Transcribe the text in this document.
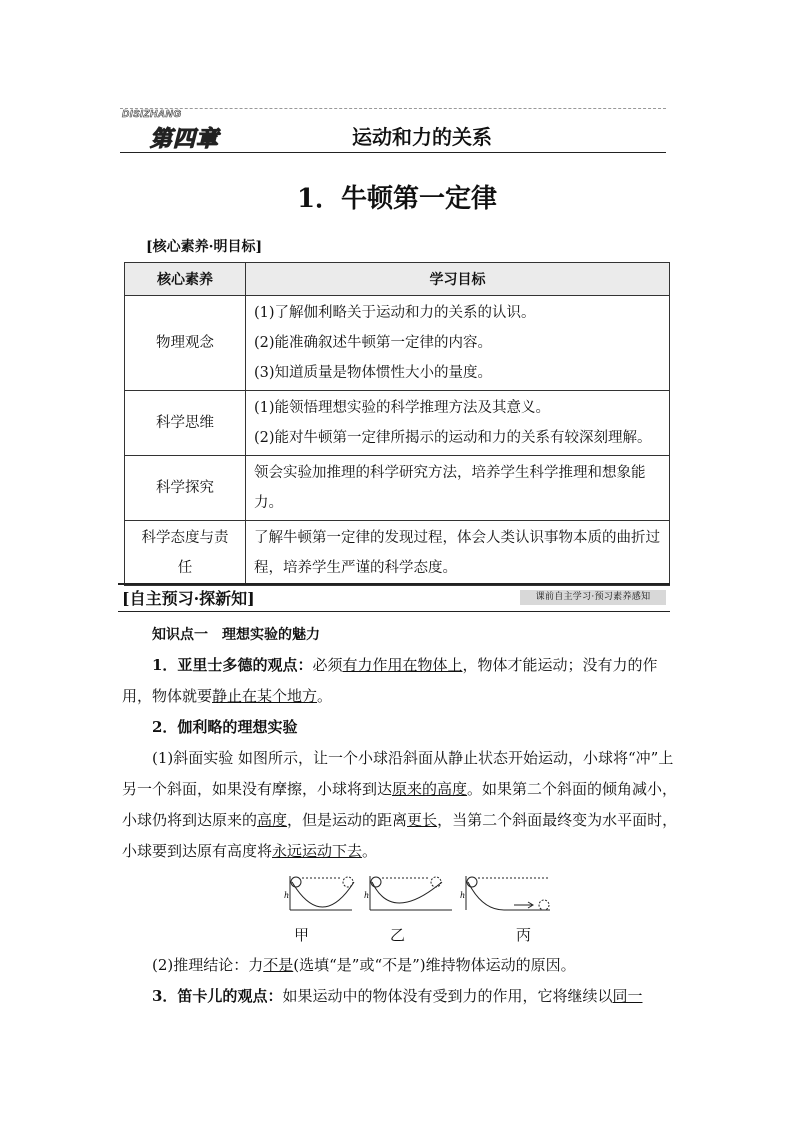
DISIZHANG
第四章	运动和力的关系
1．牛顿第一定律
[核心素养·明目标]
核心素养	学习目标
物理观念	(1)了解伽利略关于运动和力的关系的认识。
(2)能准确叙述牛顿第一定律的内容。
(3)知道质量是物体惯性大小的量度。

科学思维	(1)能领悟理想实验的科学推理方法及其意义。
(2)能对牛顿第一定律所揭示的运动和力的关系有较深刻理解。

科学探究	领会实验加推理的科学研究方法，培养学生科学推理和想象能力。

科学态度与责任	了解牛顿第一定律的发现过程，体会人类认识事物本质的曲折过程，培养学生严谨的科学态度。
[自主预习·探新知]	课前自主学习·预习素养感知
知识点一　理想实验的魅力
1．亚里士多德的观点：必须有力作用在物体上，物体才能运动；没有力的作用，物体就要静止在某个地方。
2．伽利略的理想实验
(1)斜面实验 如图所示，让一个小球沿斜面从静止状态开始运动，小球将“冲”上另一个斜面，如果没有摩擦，小球将到达原来的高度。如果第二个斜面的倾角减小，小球仍将到达原来的高度，但是运动的距离更长，当第二个斜面最终变为水平面时，小球要到达原有高度将永远运动下去。
h	h	h
甲	乙	丙
(2)推理结论：力不是(选填“是”或“不是”)维持物体运动的原因。
3．笛卡儿的观点：如果运动中的物体没有受到力的作用，它将继续以同一
